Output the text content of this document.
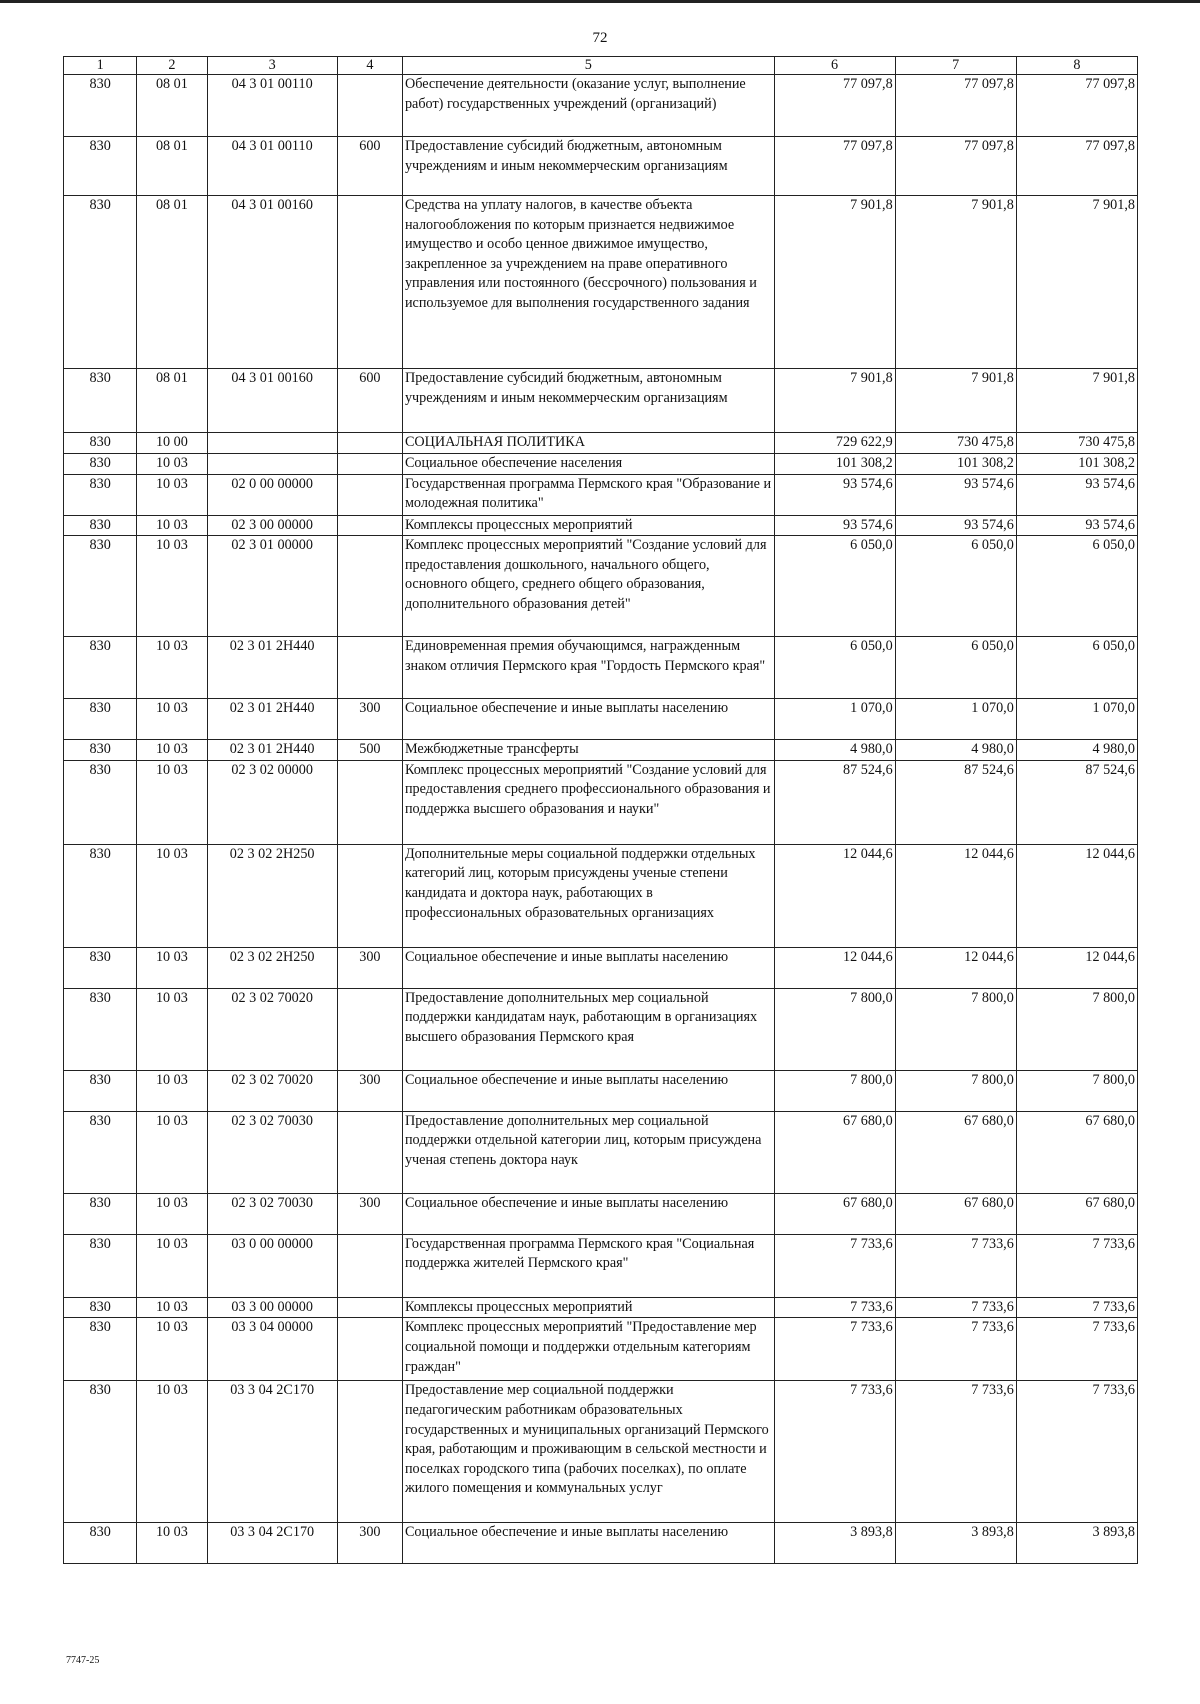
72
1	2	3	4	5	6	7	8
830	08 01	04 3 01 00110		Обеспечение деятельности (оказание услуг, выполнение работ) государственных учреждений (организаций)	77 097,8	77 097,8	77 097,8
830	08 01	04 3 01 00110	600	Предоставление субсидий бюджетным, автономным учреждениям и иным некоммерческим организациям	77 097,8	77 097,8	77 097,8
830	08 01	04 3 01 00160		Средства на уплату налогов, в качестве объекта налогообложения по которым признается недвижимое имущество и особо ценное движимое имущество, закрепленное за учреждением на праве оперативного управления или постоянного (бессрочного) пользования и используемое для выполнения государственного задания	7 901,8	7 901,8	7 901,8
830	08 01	04 3 01 00160	600	Предоставление субсидий бюджетным, автономным учреждениям и иным некоммерческим организациям	7 901,8	7 901,8	7 901,8
830	10 00			СОЦИАЛЬНАЯ ПОЛИТИКА	729 622,9	730 475,8	730 475,8
830	10 03			Социальное обеспечение населения	101 308,2	101 308,2	101 308,2
830	10 03	02 0 00 00000		Государственная программа Пермского края "Образование и молодежная политика"	93 574,6	93 574,6	93 574,6
830	10 03	02 3 00 00000		Комплексы процессных мероприятий	93 574,6	93 574,6	93 574,6
830	10 03	02 3 01 00000		Комплекс процессных мероприятий "Создание условий для предоставления дошкольного, начального общего, основного общего, среднего общего образования, дополнительного образования детей"	6 050,0	6 050,0	6 050,0
830	10 03	02 3 01 2Н440		Единовременная премия обучающимся, награжденным знаком отличия Пермского края "Гордость Пермского края"	6 050,0	6 050,0	6 050,0
830	10 03	02 3 01 2Н440	300	Социальное обеспечение и иные выплаты населению	1 070,0	1 070,0	1 070,0
830	10 03	02 3 01 2Н440	500	Межбюджетные трансферты	4 980,0	4 980,0	4 980,0
830	10 03	02 3 02 00000		Комплекс процессных мероприятий "Создание условий для предоставления среднего профессионального образования и поддержка высшего образования и науки"	87 524,6	87 524,6	87 524,6
830	10 03	02 3 02 2Н250		Дополнительные меры социальной поддержки отдельных категорий лиц, которым присуждены ученые степени кандидата и доктора наук, работающих в профессиональных образовательных организациях	12 044,6	12 044,6	12 044,6
830	10 03	02 3 02 2Н250	300	Социальное обеспечение и иные выплаты населению	12 044,6	12 044,6	12 044,6
830	10 03	02 3 02 70020		Предоставление дополнительных мер социальной поддержки кандидатам наук, работающим в организациях высшего образования Пермского края	7 800,0	7 800,0	7 800,0
830	10 03	02 3 02 70020	300	Социальное обеспечение и иные выплаты населению	7 800,0	7 800,0	7 800,0
830	10 03	02 3 02 70030		Предоставление дополнительных мер социальной поддержки отдельной категории лиц, которым присуждена ученая степень доктора наук	67 680,0	67 680,0	67 680,0
830	10 03	02 3 02 70030	300	Социальное обеспечение и иные выплаты населению	67 680,0	67 680,0	67 680,0
830	10 03	03 0 00 00000		Государственная программа Пермского края "Социальная поддержка жителей Пермского края"	7 733,6	7 733,6	7 733,6
830	10 03	03 3 00 00000		Комплексы процессных мероприятий	7 733,6	7 733,6	7 733,6
830	10 03	03 3 04 00000		Комплекс процессных мероприятий "Предоставление мер социальной помощи и поддержки отдельным категориям граждан"	7 733,6	7 733,6	7 733,6
830	10 03	03 3 04 2С170		Предоставление мер социальной поддержки педагогическим работникам образовательных государственных и муниципальных организаций Пермского края, работающим и проживающим в сельской местности и поселках городского типа (рабочих поселках), по оплате жилого помещения и коммунальных услуг	7 733,6	7 733,6	7 733,6
830	10 03	03 3 04 2С170	300	Социальное обеспечение и иные выплаты населению	3 893,8	3 893,8	3 893,8
7747-25
